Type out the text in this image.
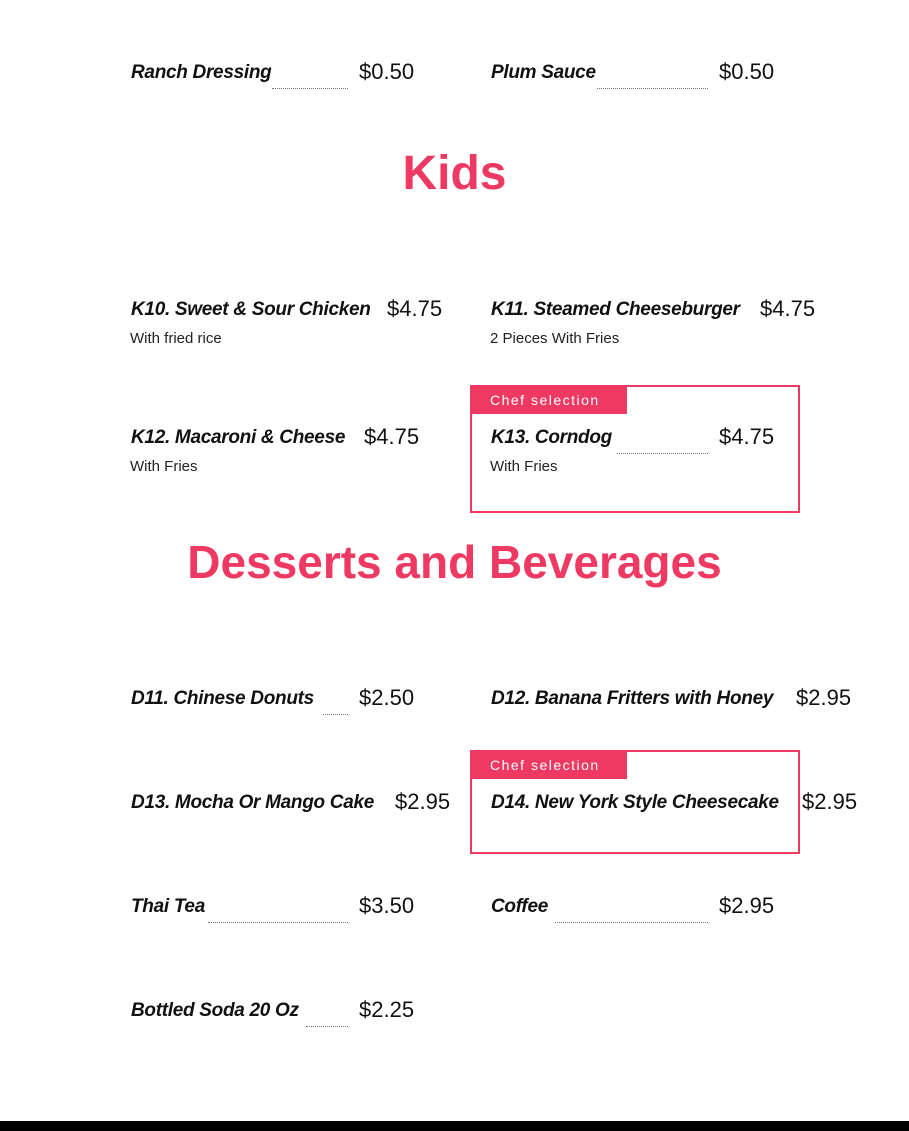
Ranch Dressing	$0.50	Plum Sauce	$0.50
Kids
K10. Sweet & Sour Chicken $4.75
With fried rice
K11. Steamed Cheeseburger $4.75
2 Pieces With Fries
K12. Macaroni & Cheese $4.75
With Fries
Chef selection
K13. Corndog	$4.75
With Fries
Desserts and Beverages
D11. Chinese Donuts $2.50	D12. Banana Fritters with Honey $2.95
D13. Mocha Or Mango Cake $2.95
Chef selection
D14. New York Style Cheesecake $2.95
Thai Tea	$3.50	Coffee	$2.95
Bottled Soda 20 Oz	$2.25
